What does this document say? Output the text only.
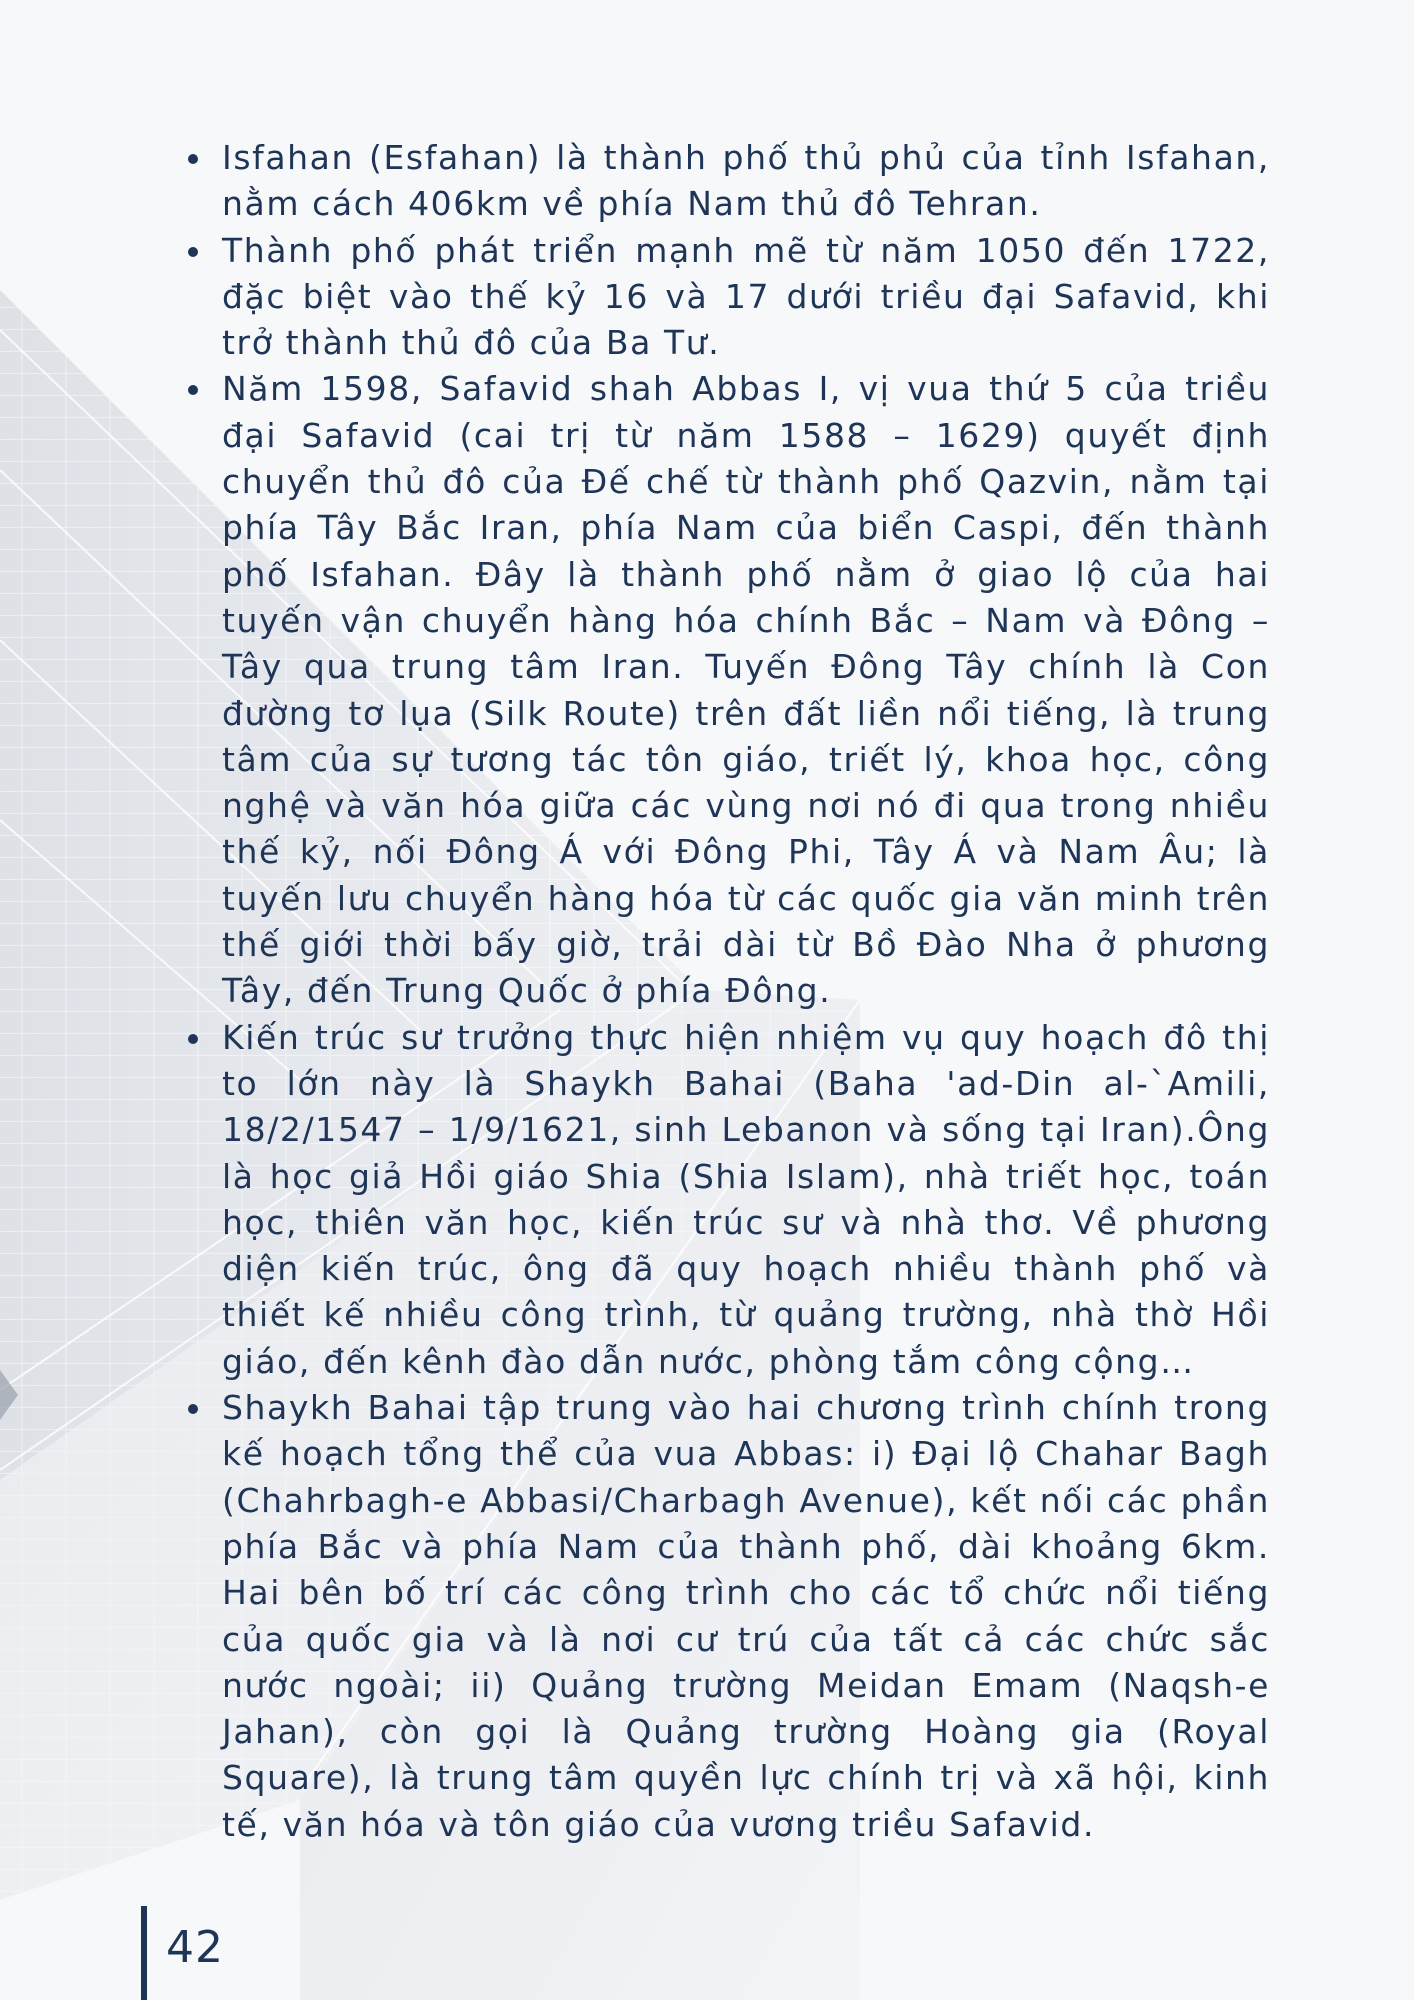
Isfahan (Esfahan) là thành phố thủ phủ của tỉnh Isfahan, nằm cách 406km về phía Nam thủ đô Tehran.
Thành phố phát triển mạnh mẽ từ năm 1050 đến 1722, đặc biệt vào thế kỷ 16 và 17 dưới triều đại Safavid, khi trở thành thủ đô của Ba Tư.
Năm 1598, Safavid shah Abbas I, vị vua thứ 5 của triều đại Safavid (cai trị từ năm 1588 – 1629) quyết định chuyển thủ đô của Đế chế từ thành phố Qazvin, nằm tại phía Tây Bắc Iran, phía Nam của biển Caspi, đến thành phố Isfahan. Đây là thành phố nằm ở giao lộ của hai tuyến vận chuyển hàng hóa chính Bắc – Nam và Đông – Tây qua trung tâm Iran. Tuyến Đông Tây chính là Con đường tơ lụa (Silk Route) trên đất liền nổi tiếng, là trung tâm của sự tương tác tôn giáo, triết lý, khoa học, công nghệ và văn hóa giữa các vùng nơi nó đi qua trong nhiều thế kỷ, nối Đông Á với Đông Phi, Tây Á và Nam Âu; là tuyến lưu chuyển hàng hóa từ các quốc gia văn minh trên thế giới thời bấy giờ, trải dài từ Bồ Đào Nha ở phương Tây, đến Trung Quốc ở phía Đông.
Kiến trúc sư trưởng thực hiện nhiệm vụ quy hoạch đô thị to lớn này là Shaykh Bahai (Baha 'ad-Din al-`Amili, 18/2/1547 – 1/9/1621, sinh Lebanon và sống tại Iran).Ông là học giả Hồi giáo Shia (Shia Islam), nhà triết học, toán học, thiên văn học, kiến trúc sư và nhà thơ. Về phương diện kiến trúc, ông đã quy hoạch nhiều thành phố và thiết kế nhiều công trình, từ quảng trường, nhà thờ Hồi giáo, đến kênh đào dẫn nước, phòng tắm công cộng…
Shaykh Bahai tập trung vào hai chương trình chính trong kế hoạch tổng thể của vua Abbas: i) Đại lộ Chahar Bagh (Chahrbagh-e Abbasi/Charbagh Avenue), kết nối các phần phía Bắc và phía Nam của thành phố, dài khoảng 6km. Hai bên bố trí các công trình cho các tổ chức nổi tiếng của quốc gia và là nơi cư trú của tất cả các chức sắc nước ngoài; ii) Quảng trường Meidan Emam (Naqsh-e Jahan), còn gọi là Quảng trường Hoàng gia (Royal Square), là trung tâm quyền lực chính trị và xã hội, kinh tế, văn hóa và tôn giáo của vương triều Safavid.
42
